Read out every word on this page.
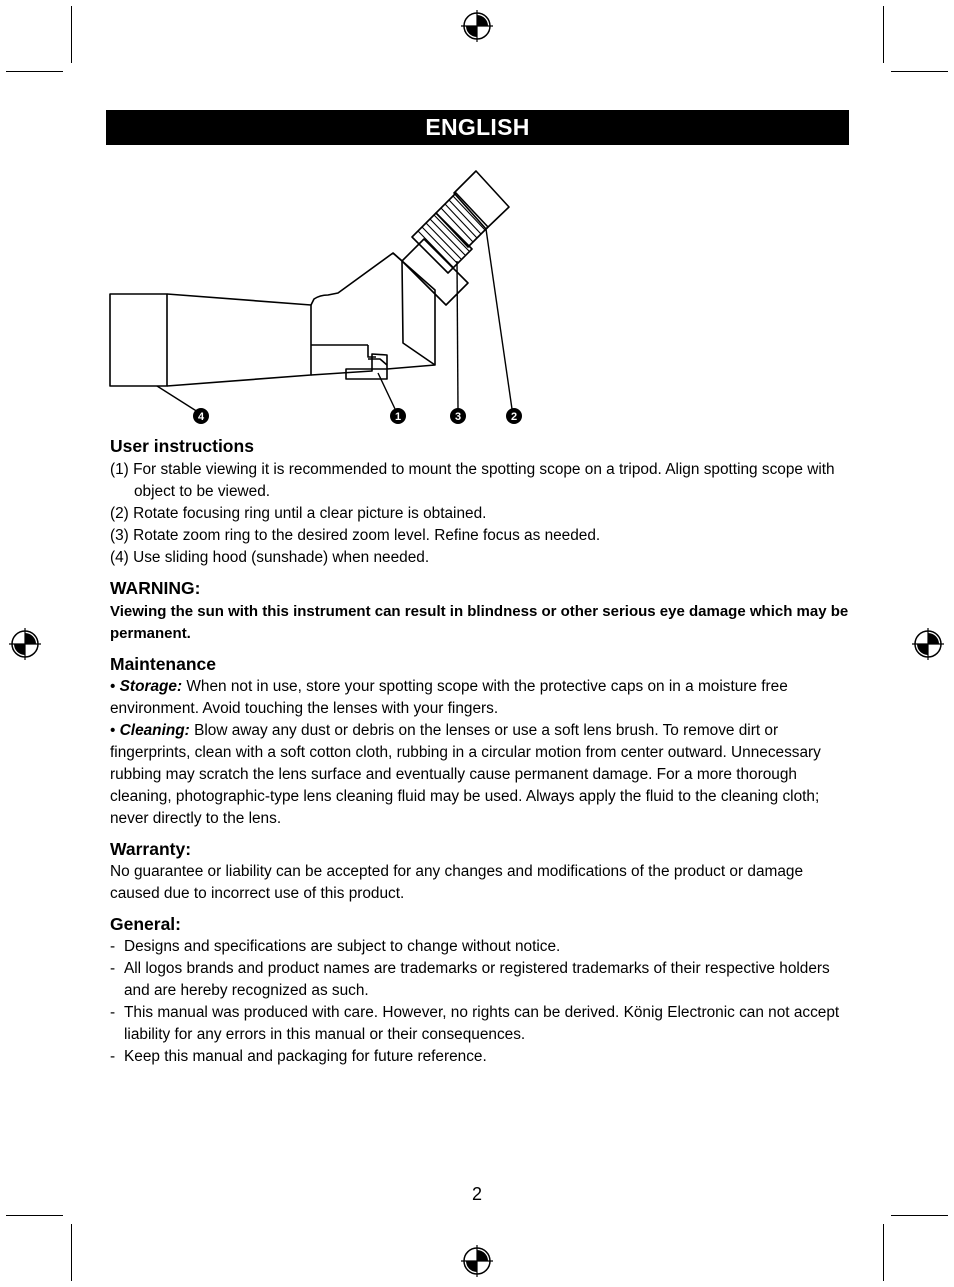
ENGLISH
4	1	3	2
User instructions
(1) For stable viewing it is recommended to mount the spotting scope on a tripod. Align spotting scope with object to be viewed.
(2) Rotate focusing ring until a clear picture is obtained.
(3) Rotate zoom ring to the desired zoom level. Refine focus as needed.
(4) Use sliding hood (sunshade) when needed.
WARNING:

Viewing the sun with this instrument can result in blindness or other serious eye damage which may be permanent.

Maintenance

• Storage: When not in use, store your spotting scope with the protective caps on in a moisture free environment. Avoid touching the lenses with your fingers.

• Cleaning: Blow away any dust or debris on the lenses or use a soft lens brush. To remove dirt or fingerprints, clean with a soft cotton cloth, rubbing in a circular motion from center outward. Unnecessary rubbing may scratch the lens surface and eventually cause permanent damage. For a more thorough cleaning, photographic-type lens cleaning fluid may be used. Always apply the fluid to the cleaning cloth; never directly to the lens.

Warranty:

No guarantee or liability can be accepted for any changes and modifications of the product or damage caused due to incorrect use of this product.

General:
- Designs and specifications are subject to change without notice.
- All logos brands and product names are trademarks or registered trademarks of their respective holders and are hereby recognized as such.
- This manual was produced with care. However, no rights can be derived. König Electronic can not accept liability for any errors in this manual or their consequences.
- Keep this manual and packaging for future reference.
2
